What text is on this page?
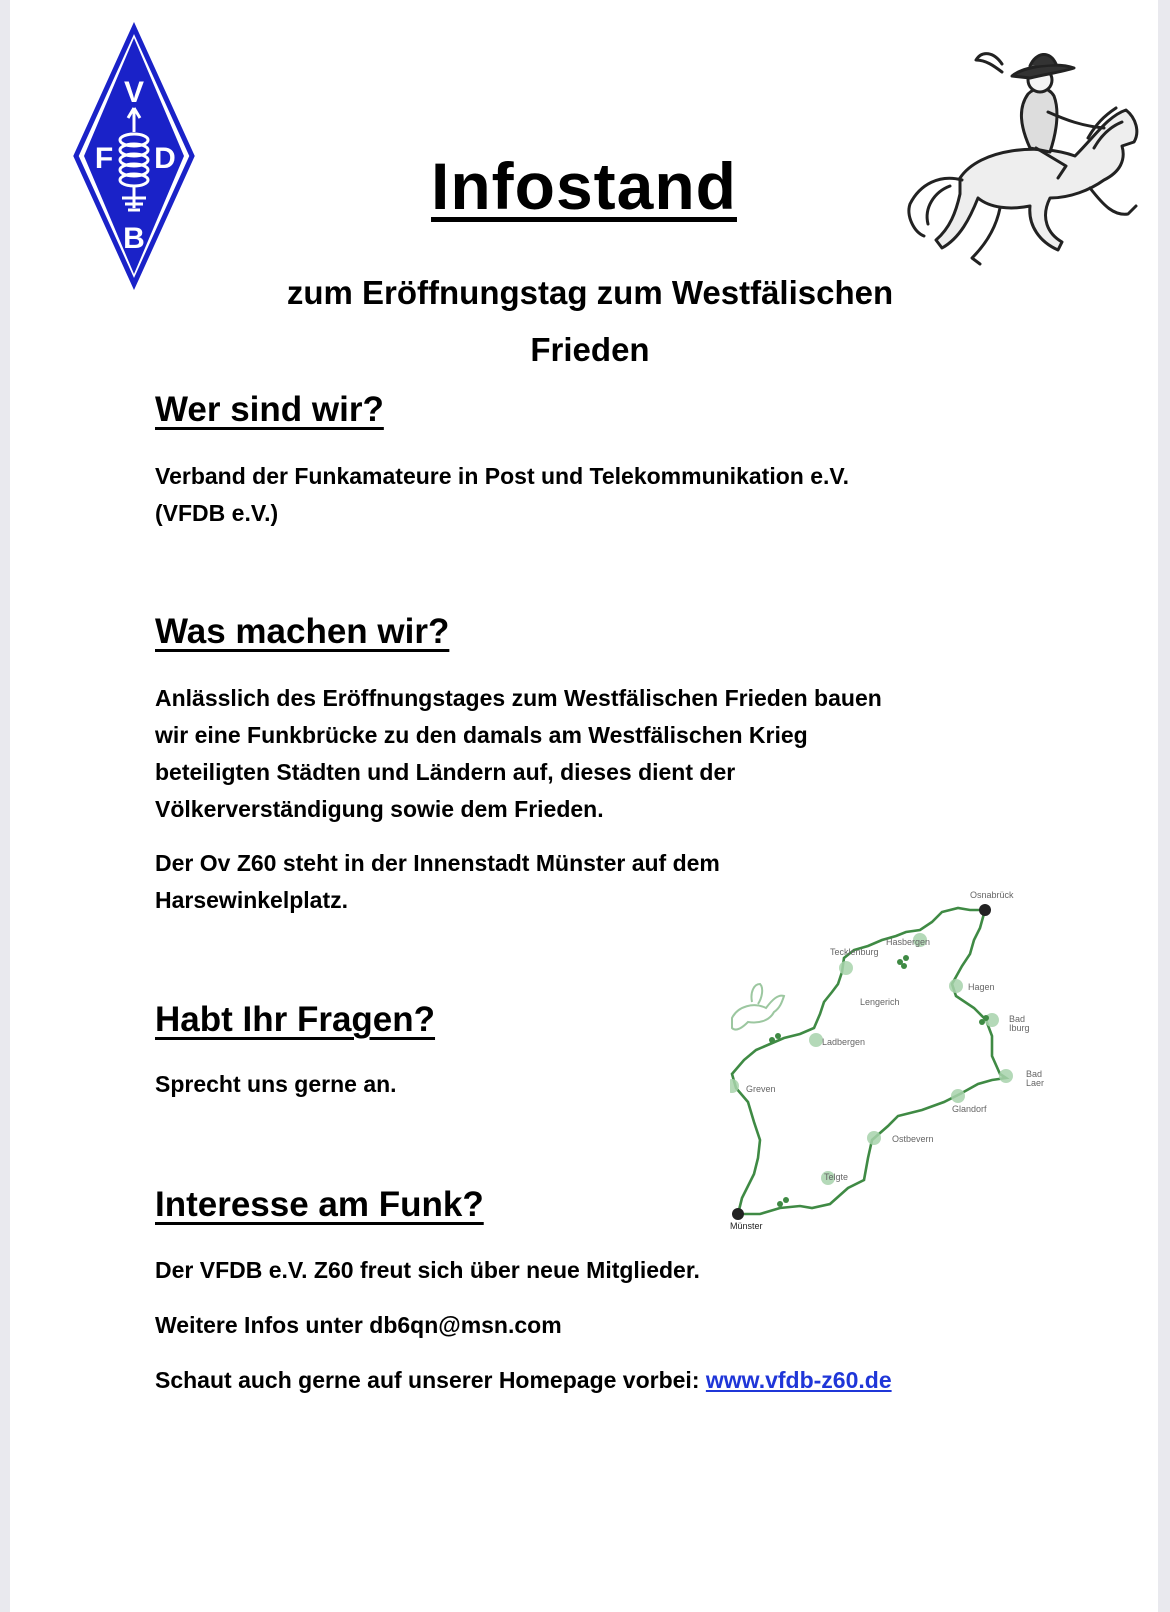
V
F D
B
Infostand
zum Eröffnungstag zum Westfälischen
Frieden
Wer sind wir?
Verband der Funkamateure in Post und Telekommunikation e.V.
(VFDB e.V.)
Was machen wir?
Anlässlich des Eröffnungstages zum Westfälischen Frieden bauen
wir eine Funkbrücke zu den damals am Westfälischen Krieg
beteiligten Städten und Ländern auf, dieses dient der
Völkerverständigung sowie dem Frieden.
Der Ov Z60 steht in der Innenstadt Münster auf dem
Harsewinkelplatz.
Habt Ihr Fragen?
Sprecht uns gerne an.
Interesse am Funk?
Der VFDB e.V. Z60 freut sich über neue Mitglieder.
Weitere Infos unter db6qn@msn.com
Schaut auch gerne auf unserer Homepage vorbei: www.vfdb-z60.de
Osnabrück
Hasbergen
Tecklenburg
Lengerich
Hagen
Bad
Iburg
Ladbergen
Bad
Laer
Greven
Glandorf
Ostbevern
Telgte
Münster
